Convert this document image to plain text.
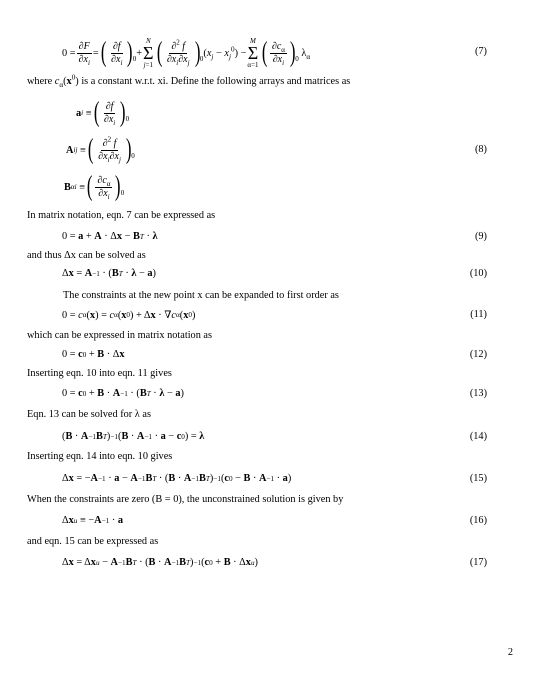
$0 = \frac{\partial F}{\partial x_i}$ = ( $\frac{\partial f}{\partial x_i}$ ) 0
+
N
Σ
j=1 ( $\frac{\partial^2 f}{\partial x_i\partial x_j}$ ) 0
$(x_j - x_j^0)$ −
M
Σ
α=1 ( $\frac{\partial c_\alpha}{\partial x_i}$ ) 0
$\lambda_\alpha$	(7)
where $c_\alpha(x^0)$ is a constant w.r.t. xi. Define the following arrays and matrices as
a i ≡ ( $\frac{\partial f}{\partial x_i}$ ) 0
A ij ≡ ( $\frac{\partial^2 f}{\partial x_i\partial x_j}$ ) 0
B αi ≡ ( $\frac{\partial c_\alpha}{\partial x_i}$ ) 0
(8)
In matrix notation, eqn. 7 can be expressed as
0 = a + A · Δ x − B T · λ	(9)
and thus Δx can be solved as
Δ x = A −1 · ( B T · λ − a )	(10)
The constraints at the new point x can be expanded to first order as
0 = c α ( x ) = c α ( x 0 ) + Δ x · ∇ c α ( x 0 )	(11)
which can be expressed in matrix notation as
0 = c 0 + B · Δ x	(12)
Inserting eqn. 10 into eqn. 11 gives
0 = c 0 + B · A −1 · ( B T · λ − a )	(13)
Eqn. 13 can be solved for λ as
( B · A −1 B T ) −1 ( B · A −1 · a − c 0 ) = λ	(14)
Inserting eqn. 14 into eqn. 10 gives
Δ x = − A −1 · a − A −1 B T · ( B · A −1 B T ) −1 ( c 0 − B · A −1 · a )	(15)
When the constraints are zero (B = 0), the unconstrained solution is given by
Δ x u ≡ − A −1 · a	(16)
and eqn. 15 can be expressed as
Δ x = Δ x u − A −1 B T · ( B · A −1 B T ) −1 ( c 0 + B · Δ x u )	(17)
2
